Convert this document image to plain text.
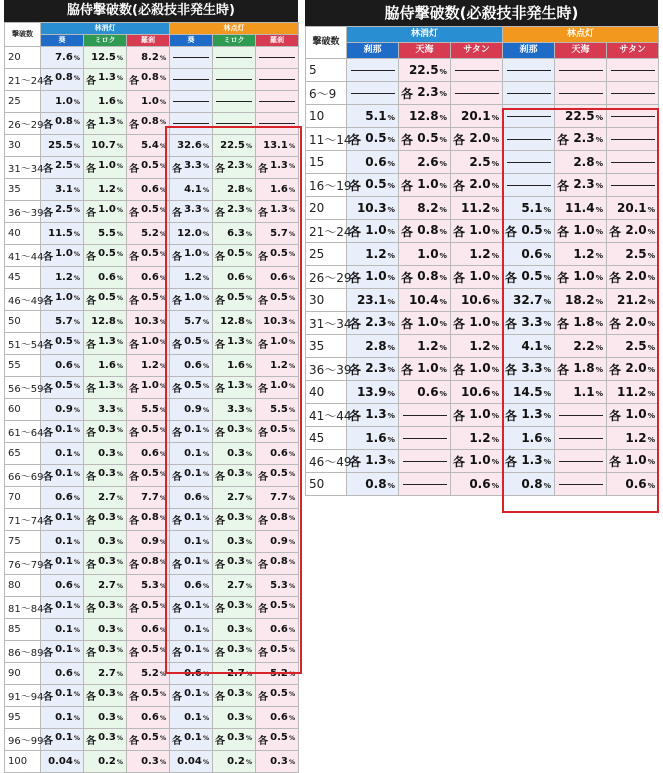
脇侍撃破数(必殺技非発生時)
撃破数	林消灯			林点灯		
	葵	ミロク	羅刹	葵	ミロク	羅刹
20	7.6%	12.5%	8.2%			
21～24	各 0.8%	各 1.3%	各 0.8%			
25	1.0%	1.6%	1.0%			
26～29	各 0.8%	各 1.3%	各 0.8%			
30	25.5%	10.7%	5.4%	32.6%	22.5%	13.1%
31～34	各 2.5%	各 1.0%	各 0.5%	各 3.3%	各 2.3%	各 1.3%
35	3.1%	1.2%	0.6%	4.1%	2.8%	1.6%
36～39	各 2.5%	各 1.0%	各 0.5%	各 3.3%	各 2.3%	各 1.3%
40	11.5%	5.5%	5.2%	12.0%	6.3%	5.7%
41～44	各 1.0%	各 0.5%	各 0.5%	各 1.0%	各 0.5%	各 0.5%
45	1.2%	0.6%	0.6%	1.2%	0.6%	0.6%
46～49	各 1.0%	各 0.5%	各 0.5%	各 1.0%	各 0.5%	各 0.5%
50	5.7%	12.8%	10.3%	5.7%	12.8%	10.3%
51～54	各 0.5%	各 1.3%	各 1.0%	各 0.5%	各 1.3%	各 1.0%
55	0.6%	1.6%	1.2%	0.6%	1.6%	1.2%
56～59	各 0.5%	各 1.3%	各 1.0%	各 0.5%	各 1.3%	各 1.0%
60	0.9%	3.3%	5.5%	0.9%	3.3%	5.5%
61～64	各 0.1%	各 0.3%	各 0.5%	各 0.1%	各 0.3%	各 0.5%
65	0.1%	0.3%	0.6%	0.1%	0.3%	0.6%
66～69	各 0.1%	各 0.3%	各 0.5%	各 0.1%	各 0.3%	各 0.5%
70	0.6%	2.7%	7.7%	0.6%	2.7%	7.7%
71～74	各 0.1%	各 0.3%	各 0.8%	各 0.1%	各 0.3%	各 0.8%
75	0.1%	0.3%	0.9%	0.1%	0.3%	0.9%
76～79	各 0.1%	各 0.3%	各 0.8%	各 0.1%	各 0.3%	各 0.8%
80	0.6%	2.7%	5.3%	0.6%	2.7%	5.3%
81～84	各 0.1%	各 0.3%	各 0.5%	各 0.1%	各 0.3%	各 0.5%
85	0.1%	0.3%	0.6%	0.1%	0.3%	0.6%
86～89	各 0.1%	各 0.3%	各 0.5%	各 0.1%	各 0.3%	各 0.5%
90	0.6%	2.7%	5.2%	0.6%	2.7%	5.2%
91～94	各 0.1%	各 0.3%	各 0.5%	各 0.1%	各 0.3%	各 0.5%
95	0.1%	0.3%	0.6%	0.1%	0.3%	0.6%
96～99	各 0.1%	各 0.3%	各 0.5%	各 0.1%	各 0.3%	各 0.5%
100	0.04%	0.2%	0.3%	0.04%	0.2%	0.3%
脇侍撃破数(必殺技非発生時)
撃破数	林消灯			林点灯		
	刹那	天海	サタン	刹那	天海	サタン
5		22.5%				
6～9		各 2.3%				
10	5.1%	12.8%	20.1%		22.5%	
11～14	各 0.5%	各 0.5%	各 2.0%		各 2.3%	
15	0.6%	2.6%	2.5%		2.8%	
16～19	各 0.5%	各 1.0%	各 2.0%		各 2.3%	
20	10.3%	8.2%	11.2%	5.1%	11.4%	20.1%
21～24	各 1.0%	各 0.8%	各 1.0%	各 0.5%	各 1.0%	各 2.0%
25	1.2%	1.0%	1.2%	0.6%	1.2%	2.5%
26～29	各 1.0%	各 0.8%	各 1.0%	各 0.5%	各 1.0%	各 2.0%
30	23.1%	10.4%	10.6%	32.7%	18.2%	21.2%
31～34	各 2.3%	各 1.0%	各 1.0%	各 3.3%	各 1.8%	各 2.0%
35	2.8%	1.2%	1.2%	4.1%	2.2%	2.5%
36～39	各 2.3%	各 1.0%	各 1.0%	各 3.3%	各 1.8%	各 2.0%
40	13.9%	0.6%	10.6%	14.5%	1.1%	11.2%
41～44	各 1.3%		各 1.0%	各 1.3%		各 1.0%
45	1.6%		1.2%	1.6%		1.2%
46～49	各 1.3%		各 1.0%	各 1.3%		各 1.0%
50	0.8%		0.6%	0.8%		0.6%
